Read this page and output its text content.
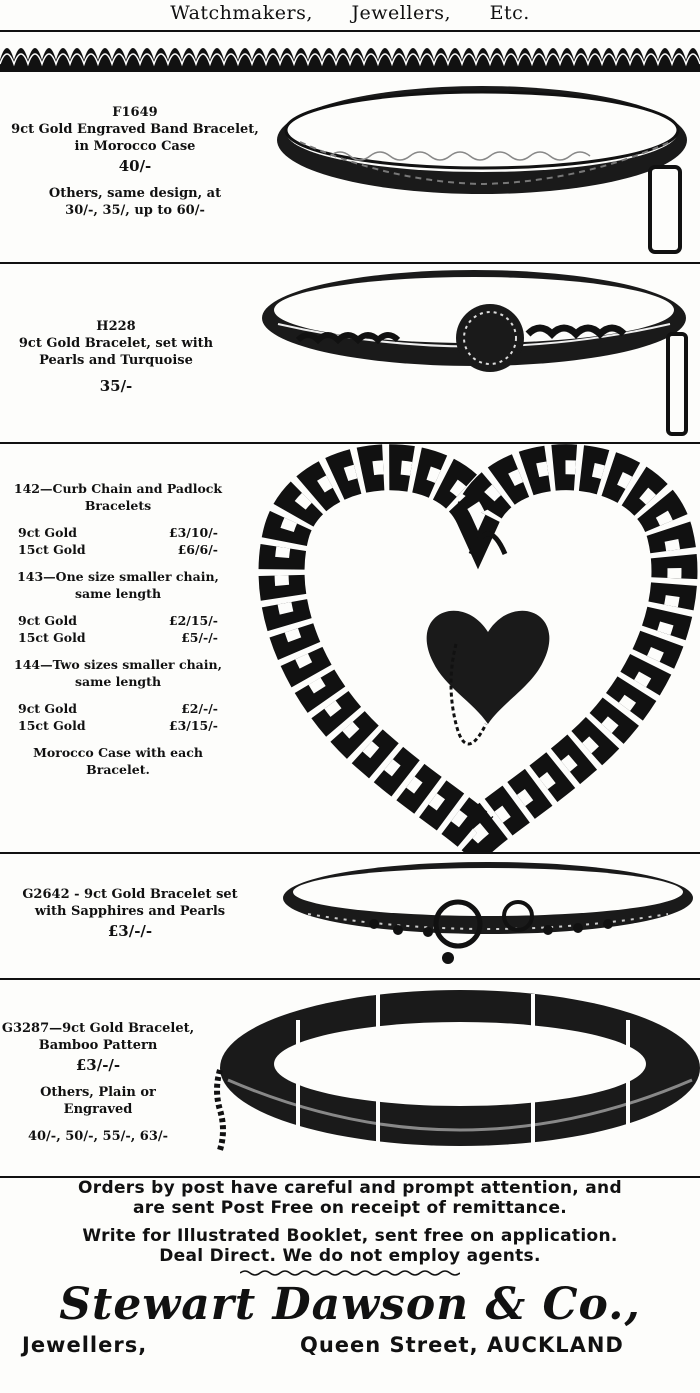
Watchmakers, Jewellers, Etc.
F1649
9ct Gold Engraved Band Bracelet,
in Morocco Case
40/-
Others, same design, at
30/-, 35/, up to 60/-
H228
9ct Gold Bracelet, set with
Pearls and Turquoise
35/-
142—Curb Chain and Padlock
Bracelets
9ct Gold	£3/10/-
15ct Gold	£6/6/-
143—One size smaller chain,
same length
9ct Gold	£2/15/-
15ct Gold	£5/-/-
144—Two sizes smaller chain,
same length
9ct Gold	£2/-/-
15ct Gold	£3/15/-
Morocco Case with each
Bracelet.
G2642 - 9ct Gold Bracelet set
with Sapphires and Pearls
£3/-/-
G3287—9ct Gold Bracelet,
Bamboo Pattern
£3/-/-
Others, Plain or
Engraved
40/-, 50/-, 55/-, 63/-
Orders by post have careful and prompt attention, and
are sent Post Free on receipt of remittance.
Write for Illustrated Booklet, sent free on application.
Deal Direct. We do not employ agents.
Stewart Dawson & Co.,
Jewellers,	Queen Street, AUCKLAND
